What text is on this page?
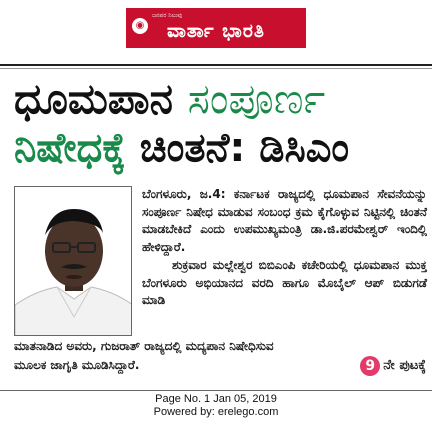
◉
ಜನಪರ ನಿಲುವು
ವಾರ್ತಾ ಭಾರತಿ
ಧೂಮಪಾನ ಸಂಪೂರ್ಣ
ನಿಷೇಧಕ್ಕೆ ಚಿಂತನೆ: ಡಿಸಿಎಂ

ಬೆಂಗಳೂರು, ಜ.4: ಕರ್ನಾಟಕ ರಾಜ್ಯದಲ್ಲಿ ಧೂಮಪಾನ ಸೇವನೆಯನ್ನು ಸಂಪೂರ್ಣ ನಿಷೇಧ ಮಾಡುವ ಸಂಬಂಧ ಕ್ರಮ ಕೈಗೊಳ್ಳುವ ನಿಟ್ಟಿನಲ್ಲಿ ಚಿಂತನೆ ಮಾಡಬೇಕಿದೆ ಎಂದು ಉಪಮುಖ್ಯಮಂತ್ರಿ ಡಾ.ಜಿ.ಪರಮೇಶ್ವರ್ ಇಂದಿಲ್ಲಿ ಹೇಳಿದ್ದಾರೆ.

ಶುಕ್ರವಾರ ಮಲ್ಲೇಶ್ವರ ಬಿಬಿಎಂಪಿ ಕಚೇರಿಯಲ್ಲಿ ಧೂಮಪಾನ ಮುಕ್ತ ಬೆಂಗಳೂರು ಅಭಿಯಾನದ ವರದಿ ಹಾಗೂ ಮೊಬೈಲ್ ಆಪ್ ಬಿಡುಗಡೆ ಮಾಡಿ

ಮಾತನಾಡಿದ ಅವರು, ಗುಜರಾತ್ ರಾಜ್ಯದಲ್ಲಿ ಮದ್ಯಪಾನ ನಿಷೇಧಿಸುವ

ಮೂಲಕ ಜಾಗೃತಿ ಮೂಡಿಸಿದ್ದಾರೆ.	9 ನೇ ಪುಟಕ್ಕೆ
Page No. 1 Jan 05, 2019
Powered by: erelego.com
